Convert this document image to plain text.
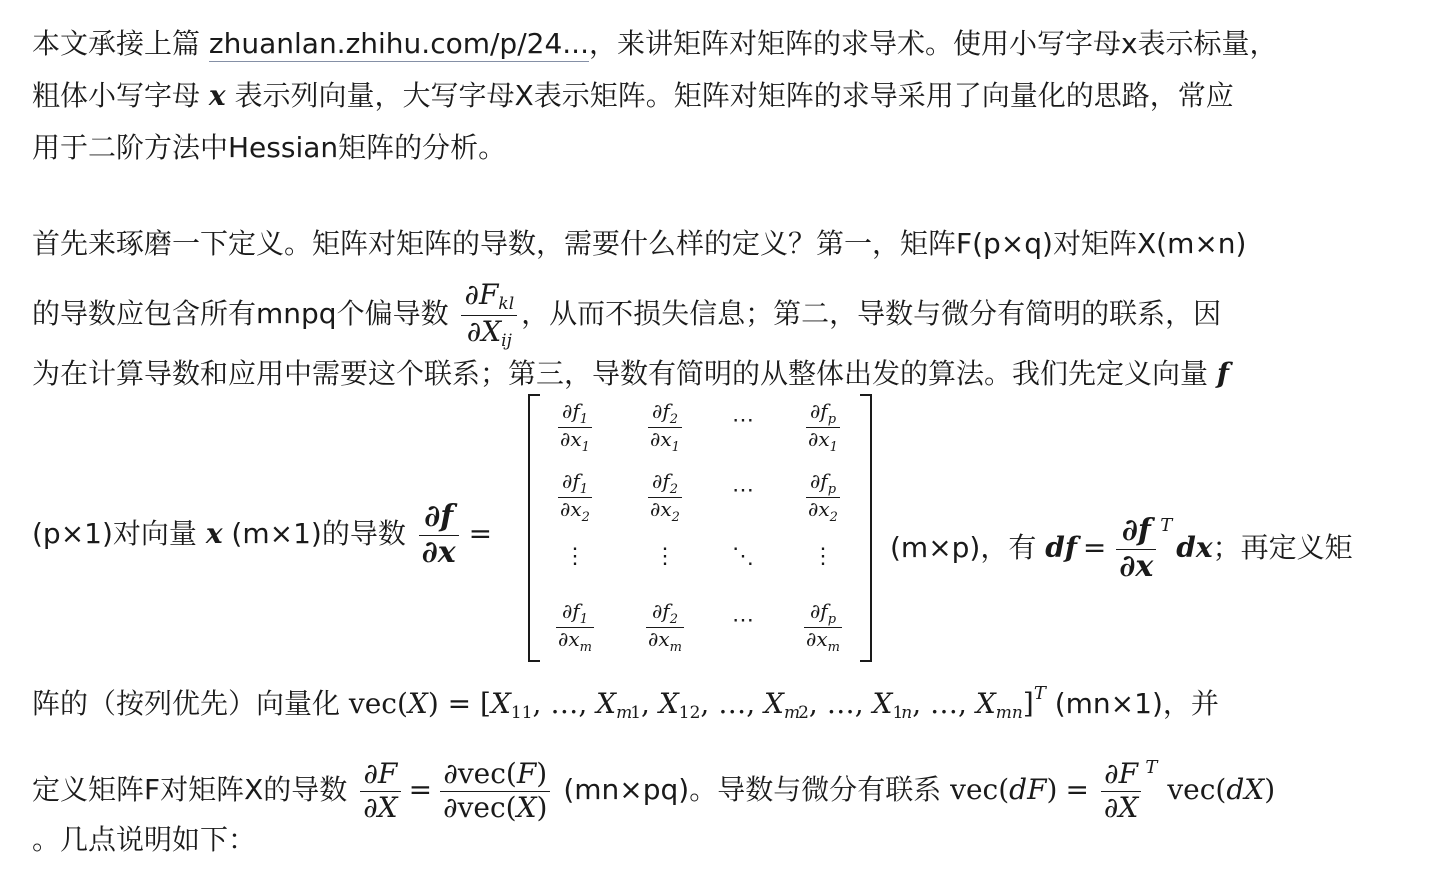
本文承接上篇 zhuanlan.zhihu.com/p/24...，来讲矩阵对矩阵的求导术。使用小写字母x表示标量，
粗体小写字母 x 表示列向量，大写字母X表示矩阵。矩阵对矩阵的求导采用了向量化的思路，常应
用于二阶方法中Hessian矩阵的分析。
首先来琢磨一下定义。矩阵对矩阵的导数，需要什么样的定义？第一，矩阵F(p×q)对矩阵X(m×n)
的导数应包含所有mnpq个偏导数 $\frac{\partial F_{kl}}{\partial X_{ij}}$ ，从而不损失信息；第二，导数与微分有简明的联系，因
为在计算导数和应用中需要这个联系；第三，导数有简明的从整体出发的算法。我们先定义向量 f
(p×1)对向量 x (m×1)的导数 $\frac{\partial f}{\partial x}$ =
$\frac{\partial f_1}{\partial x_1}$	$\frac{\partial f_2}{\partial x_1}$	⋯	$\frac{\partial f_p}{\partial x_1}$
$\frac{\partial f_1}{\partial x_2}$	$\frac{\partial f_2}{\partial x_2}$	⋯	$\frac{\partial f_p}{\partial x_2}$
⋮	⋮	⋱	⋮
$\frac{\partial f_1}{\partial x_m}$	$\frac{\partial f_2}{\partial x_m}$	⋯	$\frac{\partial f_p}{\partial x_m}$
(m×p)，有 df = $\frac{\partial f}{\partial x} ^Tdx$；再定义矩
阵的（按列优先）向量化 $vec(X) = [X_{11}$, …, $X_{m1}$, $X_{12}$, …, $X_{m2}$, …, $X_{1n}$, …, $X_{mn}]^T$ (mn×1)，并
定义矩阵F对矩阵X的导数 $\frac{\partial F}{\partial X} = \frac{\text{∂vec(F)}}{\text{∂vec(X)}} (mn\times pq)$。导数与微分有联系 $vec(dF) = \frac{\partial F}{\partial X} ^Tvec(dX)$
。几点说明如下：
